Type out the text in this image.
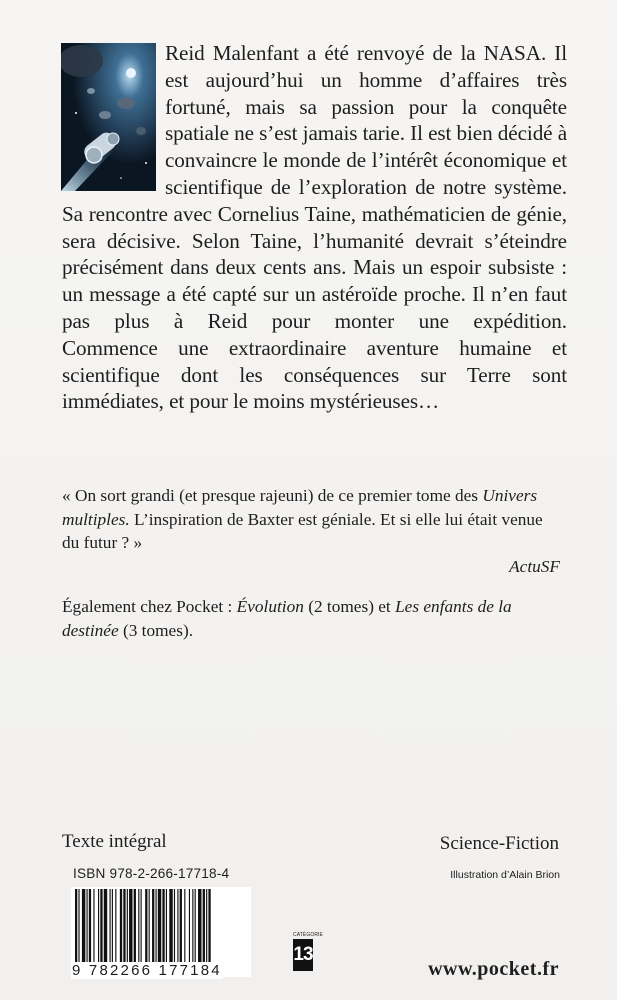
Reid Malenfant a été renvoyé de la NASA. Il est aujourd’hui un homme d’affaires très fortuné, mais sa passion pour la conquête spatiale ne s’est jamais tarie. Il est bien décidé à convaincre le monde de l’intérêt économique et scientifique de l’exploration de notre système.

Sa rencontre avec Cornelius Taine, mathématicien de génie, sera décisive. Selon Taine, l’humanité devrait s’éteindre précisément dans deux cents ans. Mais un espoir subsiste : un message a été capté sur un astéroïde proche. Il n’en faut pas plus à Reid pour monter une expédition.

Commence une extraordinaire aventure humaine et scientifique dont les conséquences sur Terre sont immédiates, et pour le moins mystérieuses…

« On sort grandi (et presque rajeuni) de ce premier tome des Univers multiples. L’inspiration de Baxter est géniale. Et si elle lui était venue du futur ? »

ActuSF
Également chez Pocket : Évolution (2 tomes) et Les enfants de la destinée (3 tomes).
Texte intégral	Science-Fiction
ISBN 978-2-266-17718-4	Illustration d’Alain Brion
9 782266 177184
CATÉGORIE
13
www.pocket.fr
